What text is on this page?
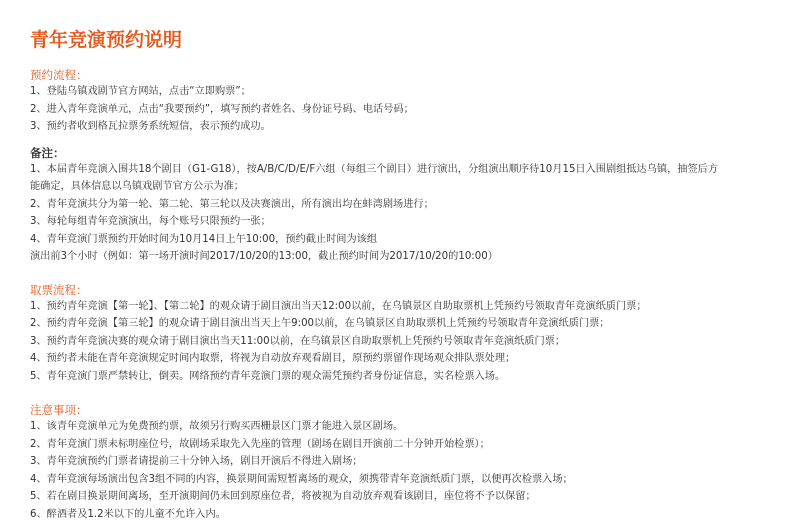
青年竞演预约说明
预约流程：
1、登陆乌镇戏剧节官方网站，点击“立即购票”；
2、进入青年竞演单元，点击“我要预约”，填写预约者姓名、身份证号码、电话号码；
3、预约者收到格瓦拉票务系统短信，表示预约成功。
备注：
1、本届青年竞演入围共18个剧目（G1-G18），按A/B/C/D/E/F六组（每组三个剧目）进行演出，分组演出顺序待10月15日入围剧组抵达乌镇，抽签后方
能确定，具体信息以乌镇戏剧节官方公示为准；
2、青年竞演共分为第一轮、第二轮、第三轮以及决赛演出，所有演出均在蚌湾剧场进行；
3、每轮每组青年竞演演出，每个账号只限预约一张；
4、青年竞演门票预约开始时间为10月14日上午10:00，预约截止时间为该组
演出前3个小时（例如：第一场开演时间2017/10/20的13:00，截止预约时间为2017/10/20的10:00）
取票流程：
1、预约青年竞演【第一轮】、【第二轮】的观众请于剧目演出当天12:00以前，在乌镇景区自助取票机上凭预约号领取青年竞演纸质门票；
2、预约青年竞演【第三轮】的观众请于剧目演出当天上午9:00以前，在乌镇景区自助取票机上凭预约号领取青年竞演纸质门票；
3、预约青年竞演决赛的观众请于剧目演出当天11:00以前，在乌镇景区自助取票机上凭预约号领取青年竞演纸质门票；
4、预约者未能在青年竞演规定时间内取票，将视为自动放弃观看剧目，原预约票留作现场观众排队票处理；
5、青年竞演门票严禁转让，倒卖。网络预约青年竞演门票的观众需凭预约者身份证信息，实名检票入场。
注意事项：
1、该青年竞演单元为免费预约票，故须另行购买西栅景区门票才能进入景区剧场。
2、青年竞演门票未标明座位号，故剧场采取先入先座的管理（剧场在剧目开演前二十分钟开始检票）；
3、青年竞演预约门票者请提前三十分钟入场，剧目开演后不得进入剧场；
4、青年竞演每场演出包含3组不同的内容，换景期间需短暂离场的观众，须携带青年竞演纸质门票，以便再次检票入场；
5、若在剧目换景期间离场，至开演期间仍未回到原座位者，将被视为自动放弃观看该剧目，座位将不予以保留；
6、醉酒者及1.2米以下的儿童不允许入内。
